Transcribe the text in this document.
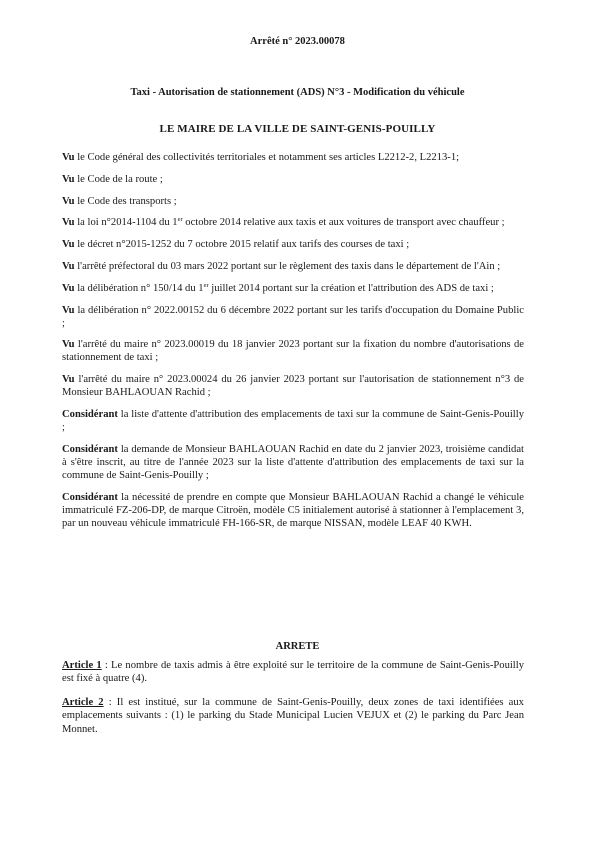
Arrêté n° 2023.00078
Taxi - Autorisation de stationnement (ADS) N°3 - Modification du véhicule
LE MAIRE DE LA VILLE DE SAINT-GENIS-POUILLY

Vu le Code général des collectivités territoriales et notamment ses articles L2212-2, L2213-1;

Vu le Code de la route ;

Vu le Code des transports ;

Vu la loi n°2014-1104 du 1er octobre 2014 relative aux taxis et aux voitures de transport avec chauffeur ;

Vu le décret n°2015-1252 du 7 octobre 2015 relatif aux tarifs des courses de taxi ;

Vu l'arrêté préfectoral du 03 mars 2022 portant sur le règlement des taxis dans le département de l'Ain ;

Vu la délibération n° 150/14 du 1er juillet 2014 portant sur la création et l'attribution des ADS de taxi ;

Vu la délibération n° 2022.00152 du 6 décembre 2022 portant sur les tarifs d'occupation du Domaine Public ;

Vu l'arrêté du maire n° 2023.00019 du 18 janvier 2023 portant sur la fixation du nombre d'autorisations de stationnement de taxi ;

Vu l'arrêté du maire n° 2023.00024 du 26 janvier 2023 portant sur l'autorisation de stationnement n°3 de Monsieur BAHLAOUAN Rachid ;

Considérant la liste d'attente d'attribution des emplacements de taxi sur la commune de Saint-Genis-Pouilly ;

Considérant la demande de Monsieur BAHLAOUAN Rachid en date du 2 janvier 2023, troisième candidat à s'être inscrit, au titre de l'année 2023 sur la liste d'attente d'attribution des emplacements de taxi sur la commune de Saint-Genis-Pouilly ;

Considérant la nécessité de prendre en compte que Monsieur BAHLAOUAN Rachid a changé le véhicule immatriculé FZ-206-DP, de marque Citroën, modèle C5 initialement autorisé à stationner à l'emplacement 3, par un nouveau véhicule immatriculé FH-166-SR, de marque NISSAN, modèle LEAF 40 KWH.

ARRETE

Article 1 : Le nombre de taxis admis à être exploité sur le territoire de la commune de Saint-Genis-Pouilly est fixé à quatre (4).

Article 2 : Il est institué, sur la commune de Saint-Genis-Pouilly, deux zones de taxi identifiées aux emplacements suivants : (1) le parking du Stade Municipal Lucien VEJUX et (2) le parking du Parc Jean Monnet.
